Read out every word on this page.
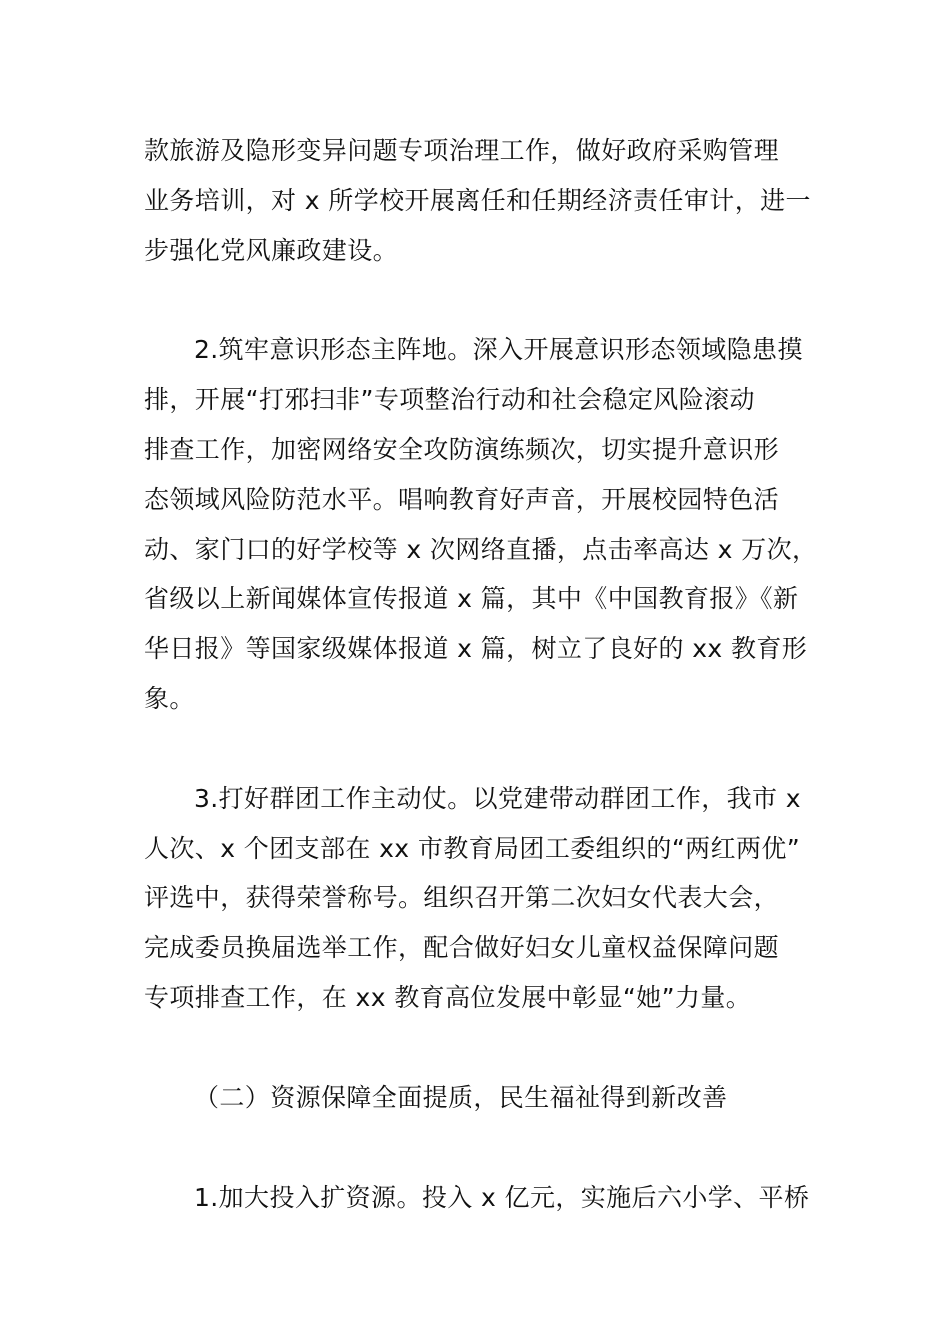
款旅游及隐形变异问题专项治理工作，做好政府采购管理
业务培训，对 x 所学校开展离任和任期经济责任审计，进一
步强化党风廉政建设。
2.筑牢意识形态主阵地。深入开展意识形态领域隐患摸
排，开展“打邪扫非”专项整治行动和社会稳定风险滚动
排查工作，加密网络安全攻防演练频次，切实提升意识形
态领域风险防范水平。唱响教育好声音，开展校园特色活
动、家门口的好学校等 x 次网络直播，点击率高达 x 万次，
省级以上新闻媒体宣传报道 x 篇，其中《中国教育报》《新
华日报》等国家级媒体报道 x 篇，树立了良好的 xx 教育形
象。
3.打好群团工作主动仗。以党建带动群团工作，我市 x
人次、x 个团支部在 xx 市教育局团工委组织的“两红两优”
评选中，获得荣誉称号。组织召开第二次妇女代表大会，
完成委员换届选举工作，配合做好妇女儿童权益保障问题
专项排查工作，在 xx 教育高位发展中彰显“她”力量。
（二）资源保障全面提质，民生福祉得到新改善
1.加大投入扩资源。投入 x 亿元，实施后六小学、平桥
